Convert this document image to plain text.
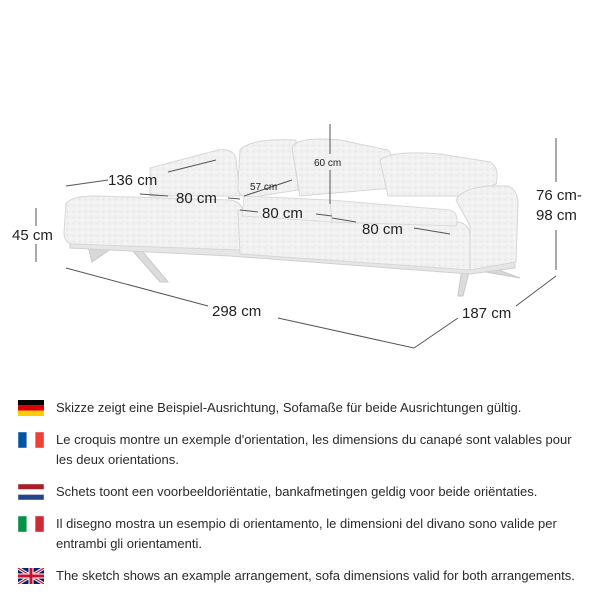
136 cm
45 cm
80 cm
57 cm
60 cm
80 cm
80 cm
76 cm-
98 cm
298 cm	187 cm
Skizze zeigt eine Beispiel-Ausrichtung, Sofamaße für beide Ausrichtungen gültig.
Le croquis montre un exemple d'orientation, les dimensions du canapé sont valables pour les deux orientations.
Schets toont een voorbeeldoriëntatie, bankafmetingen geldig voor beide oriëntaties.
Il disegno mostra un esempio di orientamento, le dimensioni del divano sono valide per entrambi gli orientamenti.
The sketch shows an example arrangement, sofa dimensions valid for both arrangements.
